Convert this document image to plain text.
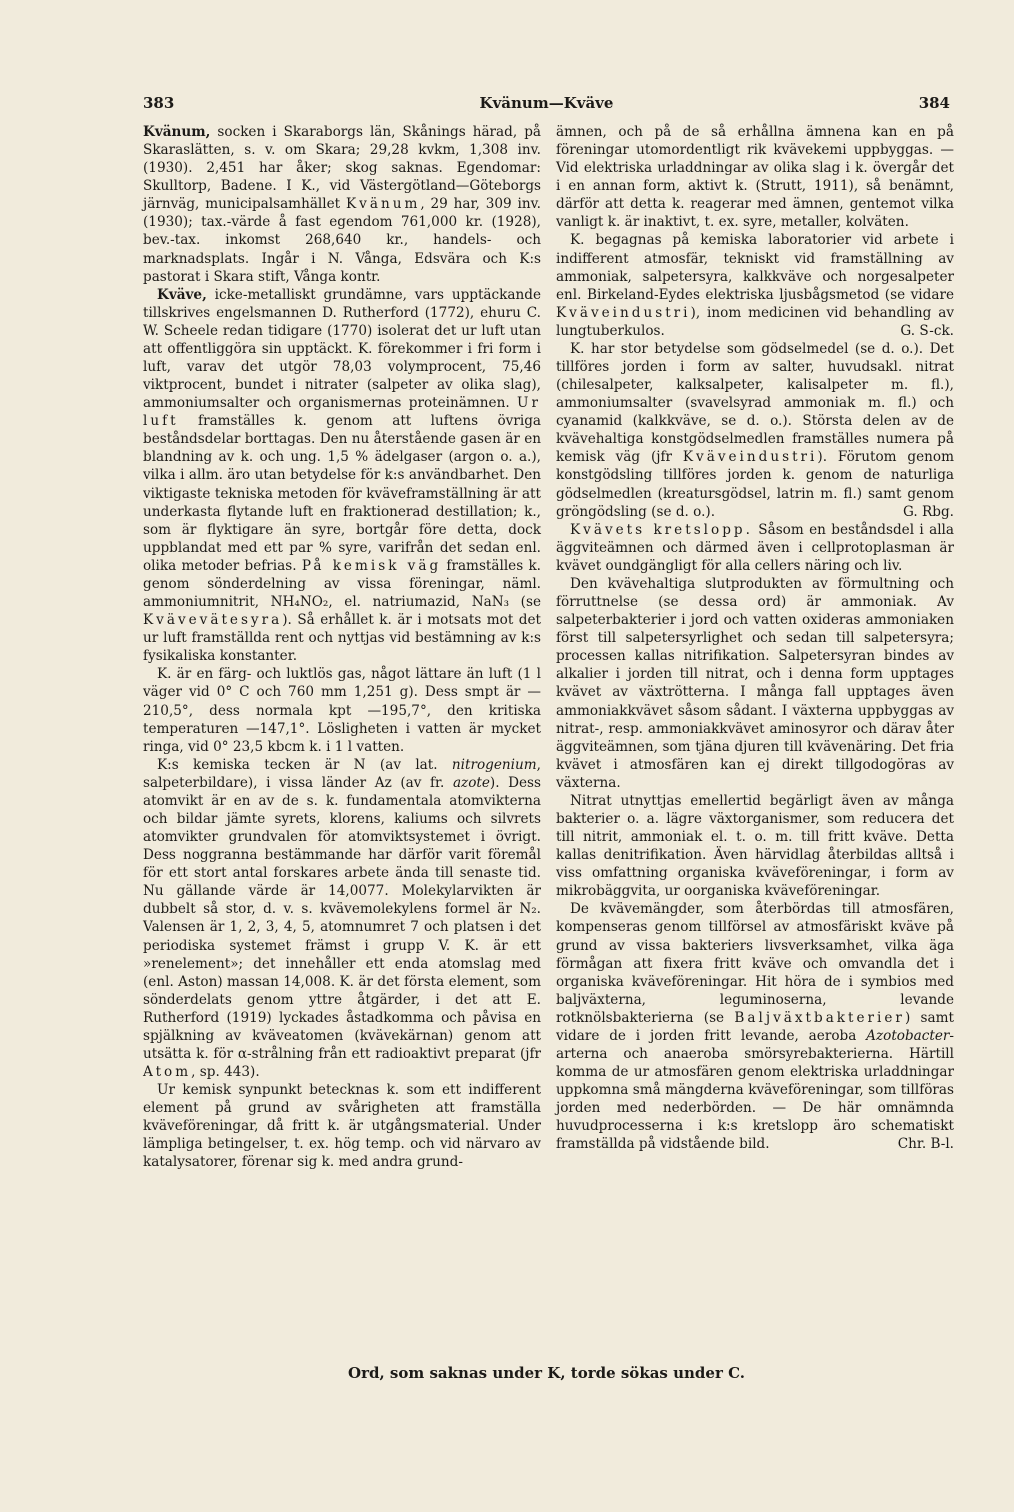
383	Kvänum—Kväve	384

Kvänum, socken i Skaraborgs län, Skånings härad, på Skaraslätten, s. v. om Skara; 29,28 kvkm, 1,308 inv. (1930). 2,451 har åker; skog saknas. Egendomar: Skulltorp, Badene. I K., vid Västergötland—Göteborgs järnväg, municipalsamhället Kvänum, 29 har, 309 inv. (1930); tax.-värde å fast egendom 761,000 kr. (1928), bev.-tax. inkomst 268,640 kr., handels- och marknadsplats. Ingår i N. Vånga, Edsvära och K:s pastorat i Skara stift, Vånga kontr.

Kväve, icke-metalliskt grundämne, vars upptäckande tillskrives engelsmannen D. Rutherford (1772), ehuru C. W. Scheele redan tidigare (1770) isolerat det ur luft utan att offentliggöra sin upptäckt. K. förekommer i fri form i luft, varav det utgör 78,03 volymprocent, 75,46 viktprocent, bundet i nitrater (salpeter av olika slag), ammoniumsalter och organismernas proteinämnen. Ur luft framställes k. genom att luftens övriga beståndsdelar borttagas. Den nu återstående gasen är en blandning av k. och ung. 1,5 % ädelgaser (argon o. a.), vilka i allm. äro utan betydelse för k:s användbarhet. Den viktigaste tekniska metoden för kväveframställning är att underkasta flytande luft en fraktionerad destillation; k., som är flyktigare än syre, bortgår före detta, dock uppblandat med ett par % syre, varifrån det sedan enl. olika metoder befrias. På kemisk väg framställes k. genom sönderdelning av vissa föreningar, näml. ammoniumnitrit, NH₄NO₂, el. natriumazid, NaN₃ (se Kvävevätesyra). Så erhållet k. är i motsats mot det ur luft framställda rent och nyttjas vid bestämning av k:s fysikaliska konstanter.

K. är en färg- och luktlös gas, något lättare än luft (1 l väger vid 0° C och 760 mm 1,251 g). Dess smpt är —210,5°, dess normala kpt —195,7°, den kritiska temperaturen —147,1°. Lösligheten i vatten är mycket ringa, vid 0° 23,5 kbcm k. i 1 l vatten.

K:s kemiska tecken är N (av lat. nitrogenium, salpeterbildare), i vissa länder Az (av fr. azote). Dess atomvikt är en av de s. k. fundamentala atomvikterna och bildar jämte syrets, klorens, kaliums och silvrets atomvikter grundvalen för atomviktsystemet i övrigt. Dess noggranna bestämmande har därför varit föremål för ett stort antal forskares arbete ända till senaste tid. Nu gällande värde är 14,0077. Molekylarvikten är dubbelt så stor, d. v. s. kvävemolekylens formel är N₂. Valensen är 1, 2, 3, 4, 5, atomnumret 7 och platsen i det periodiska systemet främst i grupp V. K. är ett »renelement»; det innehåller ett enda atomslag med (enl. Aston) massan 14,008. K. är det första element, som sönderdelats genom yttre åtgärder, i det att E. Rutherford (1919) lyckades åstadkomma och påvisa en spjälkning av kväveatomen (kvävekärnan) genom att utsätta k. för α-strålning från ett radioaktivt preparat (jfr Atom, sp. 443).

Ur kemisk synpunkt betecknas k. som ett indifferent element på grund av svårigheten att framställa kväveföreningar, då fritt k. är utgångsmaterial. Under lämpliga betingelser, t. ex. hög temp. och vid närvaro av katalysatorer, förenar sig k. med andra grund-

ämnen, och på de så erhållna ämnena kan en på föreningar utomordentligt rik kvävekemi uppbyggas. — Vid elektriska urladdningar av olika slag i k. övergår det i en annan form, aktivt k. (Strutt, 1911), så benämnt, därför att detta k. reagerar med ämnen, gentemot vilka vanligt k. är inaktivt, t. ex. syre, metaller, kolväten.

K. begagnas på kemiska laboratorier vid arbete i indifferent atmosfär, tekniskt vid framställning av ammoniak, salpetersyra, kalkkväve och norgesalpeter enl. Birkeland-Eydes elektriska ljusbågsmetod (se vidare Kväveindustri), inom medicinen vid behandling av lungtuberkulos.	G. S-ck.

K. har stor betydelse som gödselmedel (se d. o.). Det tillföres jorden i form av salter, huvudsakl. nitrat (chilesalpeter, kalksalpeter, kalisalpeter m. fl.), ammoniumsalter (svavelsyrad ammoniak m. fl.) och cyanamid (kalkkväve, se d. o.). Största delen av de kvävehaltiga konstgödselmedlen framställes numera på kemisk väg (jfr Kväveindustri). Förutom genom konstgödsling tillföres jorden k. genom de naturliga gödselmedlen (kreatursgödsel, latrin m. fl.) samt genom gröngödsling (se d. o.).	G. Rbg.

Kvävets kretslopp. Såsom en beståndsdel i alla äggviteämnen och därmed även i cellprotoplasman är kvävet oundgängligt för alla cellers näring och liv.

Den kvävehaltiga slutprodukten av förmultning och förruttnelse (se dessa ord) är ammoniak. Av salpeterbakterier i jord och vatten oxideras ammoniaken först till salpetersyrlighet och sedan till salpetersyra; processen kallas nitrifikation. Salpetersyran bindes av alkalier i jorden till nitrat, och i denna form upptages kvävet av växtrötterna. I många fall upptages även ammoniakkvävet såsom sådant. I växterna uppbyggas av nitrat-, resp. ammoniakkvävet aminosyror och därav åter äggviteämnen, som tjäna djuren till kvävenäring. Det fria kvävet i atmosfären kan ej direkt tillgodogöras av växterna.

Nitrat utnyttjas emellertid begärligt även av många bakterier o. a. lägre växtorganismer, som reducera det till nitrit, ammoniak el. t. o. m. till fritt kväve. Detta kallas denitrifikation. Även härvidlag återbildas alltså i viss omfattning organiska kväveföreningar, i form av mikrobäggvita, ur oorganiska kväveföreningar.

De kvävemängder, som återbördas till atmosfären, kompenseras genom tillförsel av atmosfäriskt kväve på grund av vissa bakteriers livsverksamhet, vilka äga förmågan att fixera fritt kväve och omvandla det i organiska kväveföreningar. Hit höra de i symbios med baljväxterna, leguminoserna, levande rotknölsbakterierna (se Baljväxtbakterier) samt vidare de i jorden fritt levande, aeroba Azotobacter-arterna och anaeroba smörsyrebakterierna. Härtill komma de ur atmosfären genom elektriska urladdningar uppkomna små mängderna kväveföreningar, som tillföras jorden med nederbörden. — De här omnämnda huvudprocesserna i k:s kretslopp äro schematiskt framställda på vidstående bild.	Chr. B-l.

Ord, som saknas under K, torde sökas under C.
